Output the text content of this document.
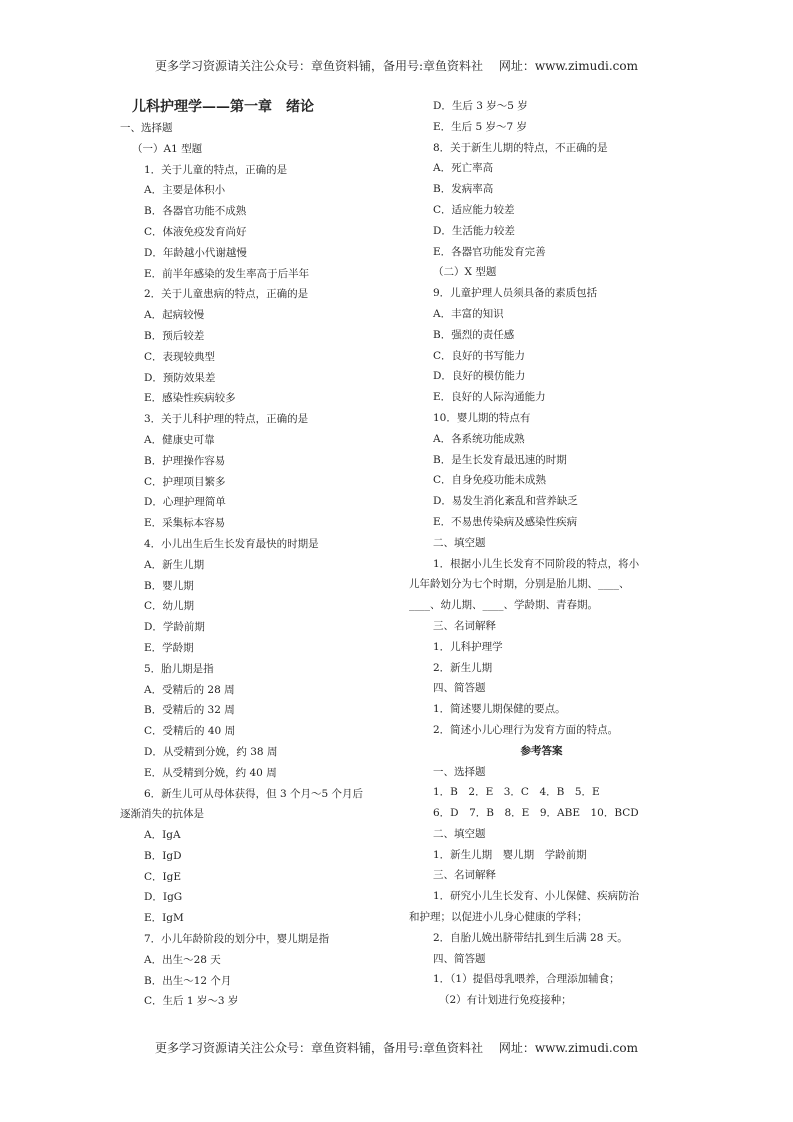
更多学习资源请关注公众号：章鱼资料铺，备用号:章鱼资料社　 网址：www.zimudi.com
儿科护理学——第一章　绪论
一、选择题
（一）A1 型题
1．关于儿童的特点，正确的是
A．主要是体积小
B．各器官功能不成熟
C．体液免疫发育尚好
D．年龄越小代谢越慢
E．前半年感染的发生率高于后半年
2．关于儿童患病的特点，正确的是
A．起病较慢
B．预后较差
C．表现较典型
D．预防效果差
E．感染性疾病较多
3．关于儿科护理的特点，正确的是
A．健康史可靠
B．护理操作容易
C．护理项目繁多
D．心理护理简单
E．采集标本容易
4．小儿出生后生长发育最快的时期是
A．新生儿期
B．婴儿期
C．幼儿期
D．学龄前期
E．学龄期
5．胎儿期是指
A．受精后的 28 周
B．受精后的 32 周
C．受精后的 40 周
D．从受精到分娩，约 38 周
E．从受精到分娩，约 40 周
6．新生儿可从母体获得，但 3 个月～5 个月后
逐渐消失的抗体是
A．IgA
B．IgD
C．IgE
D．IgG
E．IgM
7．小儿年龄阶段的划分中，婴儿期是指
A．出生～28 天
B．出生～12 个月
C．生后 1 岁～3 岁
D．生后 3 岁～5 岁
E．生后 5 岁～7 岁
8．关于新生儿期的特点，不正确的是
A．死亡率高
B．发病率高
C．适应能力较差
D．生活能力较差
E．各器官功能发育完善
（二）X 型题
9．儿童护理人员须具备的素质包括
A．丰富的知识
B．强烈的责任感
C．良好的书写能力
D．良好的模仿能力
E．良好的人际沟通能力
10．婴儿期的特点有
A．各系统功能成熟
B．是生长发育最迅速的时期
C．自身免疫功能未成熟
D．易发生消化紊乱和营养缺乏
E．不易患传染病及感染性疾病
二、填空题
1．根据小儿生长发育不同阶段的特点，将小
儿年龄划分为七个时期，分别是胎儿期、____、
____、幼儿期、____、学龄期、青春期。
三、名词解释
1．儿科护理学
2．新生儿期
四、简答题
1．简述婴儿期保健的要点。
2．简述小儿心理行为发育方面的特点。
参考答案
一、选择题
1．B　2．E　3．C　4．B　5．E
6．D　7．B　8．E　9．ABE　10．BCD
二、填空题
1．新生儿期　婴儿期　学龄前期
三、名词解释
1．研究小儿生长发育、小儿保健、疾病防治
和护理；以促进小儿身心健康的学科；
2．自胎儿娩出脐带结扎到生后满 28 天。
四、简答题
1．（1）提倡母乳喂养，合理添加辅食；
（2）有计划进行免疫接种；
更多学习资源请关注公众号：章鱼资料铺，备用号:章鱼资料社　 网址：www.zimudi.com
